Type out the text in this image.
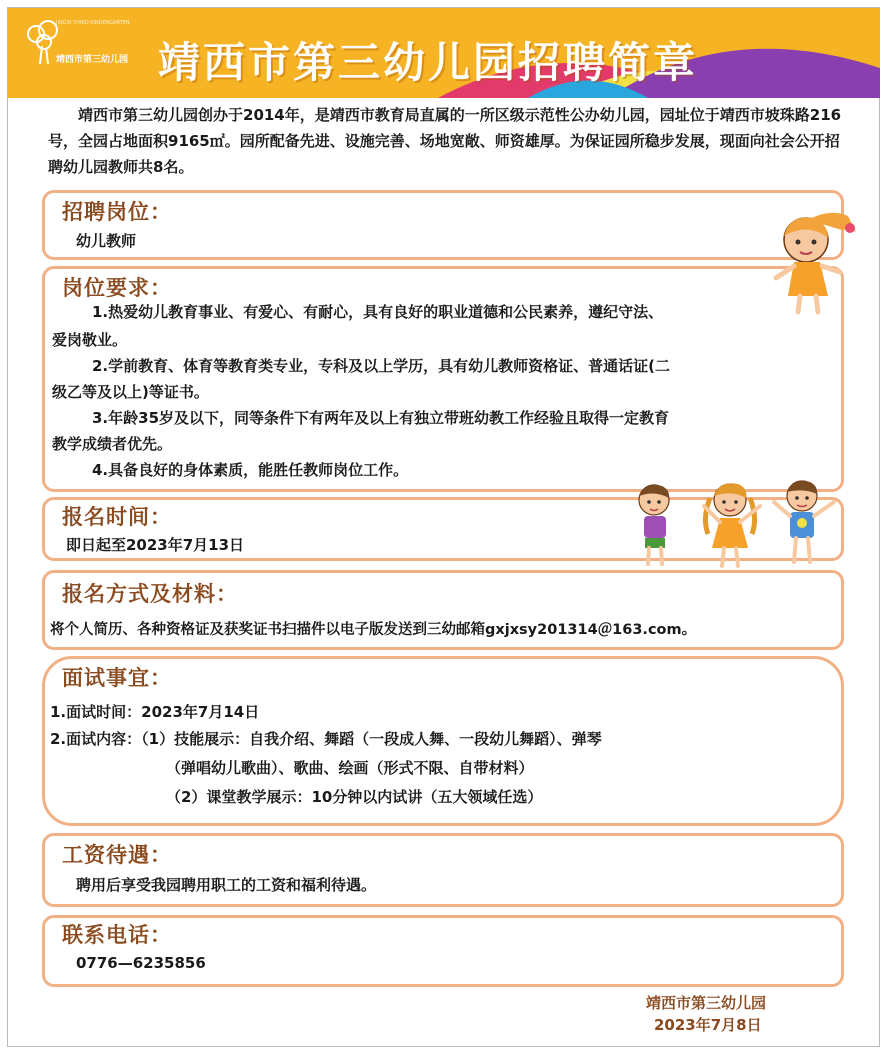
JINGXI THIRD KINDERGARTEN
靖西市第三幼儿园 靖西市第三幼儿园招聘简章
靖西市第三幼儿园创办于2014年，是靖西市教育局直属的一所区级示范性公办幼儿园，园址位于靖西市坡珠路216号，全园占地面积9165㎡。园所配备先进、设施完善、场地宽敞、师资雄厚。为保证园所稳步发展，现面向社会公开招聘幼儿园教师共8名。
招聘岗位：
幼儿教师
岗位要求：
1.热爱幼儿教育事业、有爱心、有耐心，具有良好的职业道德和公民素养，遵纪守法、
爱岗敬业。
2.学前教育、体育等教育类专业，专科及以上学历，具有幼儿教师资格证、普通话证(二
级乙等及以上)等证书。
3.年龄35岁及以下，同等条件下有两年及以上有独立带班幼教工作经验且取得一定教育
教学成绩者优先。
4.具备良好的身体素质，能胜任教师岗位工作。
报名时间：
即日起至2023年7月13日
报名方式及材料：
将个人简历、各种资格证及获奖证书扫描件以电子版发送到三幼邮箱gxjxsy201314＠163.com。
面试事宜：
1.面试时间：2023年7月14日
2.面试内容：（1）技能展示：自我介绍、舞蹈（一段成人舞、一段幼儿舞蹈）、弹琴
（弹唱幼儿歌曲）、歌曲、绘画（形式不限、自带材料）
（2）课堂教学展示：10分钟以内试讲（五大领域任选）
工资待遇：
聘用后享受我园聘用职工的工资和福利待遇。
联系电话：
0776—6235856
靖西市第三幼儿园
2023年7月8日
